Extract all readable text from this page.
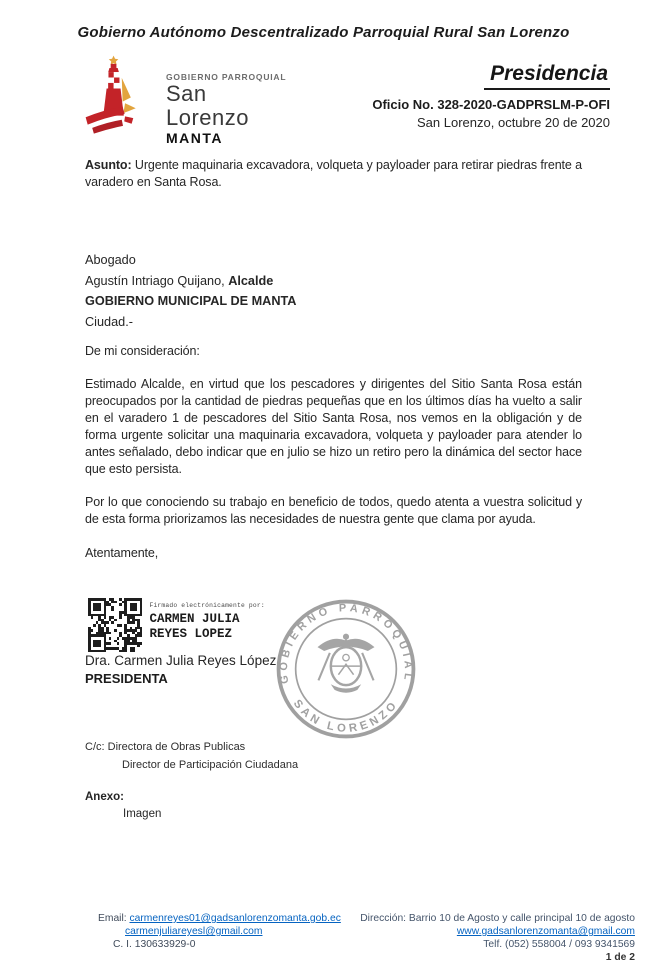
Gobierno Autónomo Descentralizado Parroquial Rural San Lorenzo
GOBIERNO PARROQUIAL
San Lorenzo
MANTA
Presidencia
Oficio No. 328-2020-GADPRSLM-P-OFI
San Lorenzo, octubre 20 de 2020

Asunto: Urgente maquinaria excavadora, volqueta y payloader para retirar piedras frente a varadero en Santa Rosa.

Abogado
Agustín Intriago Quijano, Alcalde
GOBIERNO MUNICIPAL DE MANTA
Ciudad.-
De mi consideración:

Estimado Alcalde, en virtud que los pescadores y dirigentes del Sitio Santa Rosa están preocupados por la cantidad de piedras pequeñas que en los últimos días ha vuelto a salir en el varadero 1 de pescadores del Sitio Santa Rosa, nos vemos en la obligación y de forma urgente solicitar una maquinaria excavadora, volqueta y payloader para atender lo antes señalado, debo indicar que en julio se hizo un retiro pero la dinámica del sector hace que esto persista.

Por lo que conociendo su trabajo en beneficio de todos, quedo atenta a vuestra solicitud y de esta forma priorizamos las necesidades de nuestra gente que clama por ayuda.

Atentamente,
Firmado electrónicamente por:
CARMEN JULIA
REYES LOPEZ
Dra. Carmen Julia Reyes López
PRESIDENTA	GOBIERNO PARROQUIAL
SAN LORENZO
C/c: Directora de Obras Publicas
Director de Participación Ciudadana
Anexo:
Imagen
Email: carmenreyes01@gadsanlorenzomanta.gob.ec
carmenjuliareyesl@gmail.com
C. I. 130633929-0
Dirección: Barrio 10 de Agosto y calle principal 10 de agosto
www.gadsanlorenzomanta@gmail.com
Telf. (052) 558004 / 093 9341569
1 de 2
